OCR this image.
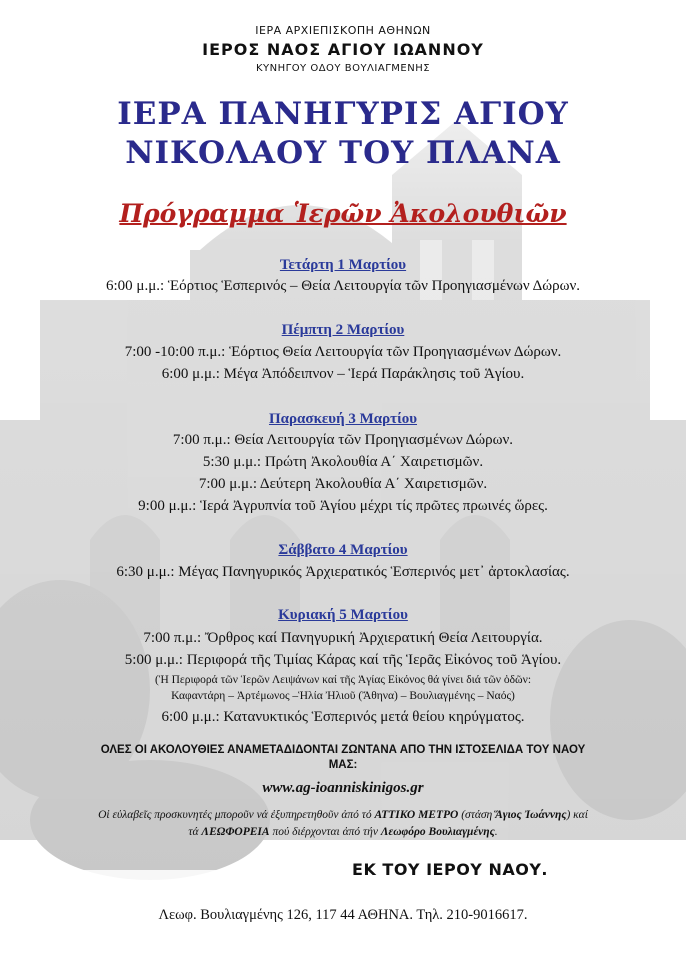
ΙΕΡΑ ΑΡΧΙΕΠΙΣΚΟΠΗ ΑΘΗΝΩΝ
ΙΕΡΟΣ ΝΑΟΣ ΑΓΙΟΥ ΙΩΑΝΝΟΥ
ΚΥΝΗΓΟΥ ΟΔΟΥ ΒΟΥΛΙΑΓΜΕΝΗΣ
ΙΕΡΑ ΠΑΝΗΓΥΡΙΣ ΑΓΙΟΥ
ΝΙΚΟΛΑΟΥ ΤΟΥ ΠΛΑΝΑ
Πρόγραμμα Ἱερῶν Ἀκολουθιῶν
Τετάρτη 1 Μαρτίου
6:00 μ.μ.: Ἑόρτιος Ἑσπερινός – Θεία Λειτουργία τῶν Προηγιασμένων Δώρων.
Πέμπτη 2 Μαρτίου
7:00 -10:00 π.μ.: Ἑόρτιος Θεία Λειτουργία τῶν Προηγιασμένων Δώρων.
6:00 μ.μ.: Μέγα Ἀπόδειπνον – Ἱερά Παράκλησις τοῦ Ἁγίου.
Παρασκευή 3 Μαρτίου
7:00 π.μ.: Θεία Λειτουργία τῶν Προηγιασμένων Δώρων.
5:30 μ.μ.: Πρώτη Ἀκολουθία Α΄ Χαιρετισμῶν.
7:00 μ.μ.: Δεύτερη Ἀκολουθία Α΄ Χαιρετισμῶν.
9:00 μ.μ.: Ἱερά Ἀγρυπνία τοῦ Ἁγίου μέχρι τίς πρῶτες πρωινές ὥρες.
Σάββατο 4 Μαρτίου
6:30 μ.μ.: Μέγας Πανηγυρικός Ἀρχιερατικός Ἑσπερινός μετ᾽ ἀρτοκλασίας.
Κυριακή 5 Μαρτίου
7:00 π.μ.: Ὄρθρος καί Πανηγυρική Ἀρχιερατική Θεία Λειτουργία.
5:00 μ.μ.: Περιφορά τῆς Τιμίας Κάρας καί τῆς Ἱερᾶς Εἰκόνος τοῦ Ἁγίου.
(Ἡ Περιφορά τῶν Ἱερῶν Λειψάνων καί τῆς Ἁγίας Εἰκόνος θά γίνει διά τῶν ὁδῶν:
Καφαντάρη – Ἀρτέμωνος –Ἡλία Ἠλιοῦ (Ἄθηνα) – Βουλιαγμένης – Ναός)
6:00 μ.μ.: Κατανυκτικός Ἑσπερινός μετά θείου κηρύγματος.
ΟΛΕΣ ΟΙ ΑΚΟΛΟΥΘΙΕΣ ΑΝΑΜΕΤΑΔΙΔΟΝΤΑΙ ΖΩΝΤΑΝΑ ΑΠΟ ΤΗΝ ΙΣΤΟΣΕΛΙΔΑ ΤΟΥ ΝΑΟΥ
ΜΑΣ:
www.ag-ioanniskinigos.gr
Οἱ εὐλαβεῖς προσκυνητές μποροῦν νά ἐξυπηρετηθοῦν ἀπό τό ΑΤΤΙΚΟ ΜΕΤΡΟ (στάση Ἅγιος Ἰωάννης) καί
τά ΛΕΩΦΟΡΕΙΑ πού διέρχονται ἀπό τήν Λεωφόρο Βουλιαγμένης.
ΕΚ ΤΟΥ ΙΕΡΟΥ ΝΑΟΥ.
Λεωφ. Βουλιαγμένης 126, 117 44 ΑΘΗΝΑ. Τηλ. 210-9016617.
